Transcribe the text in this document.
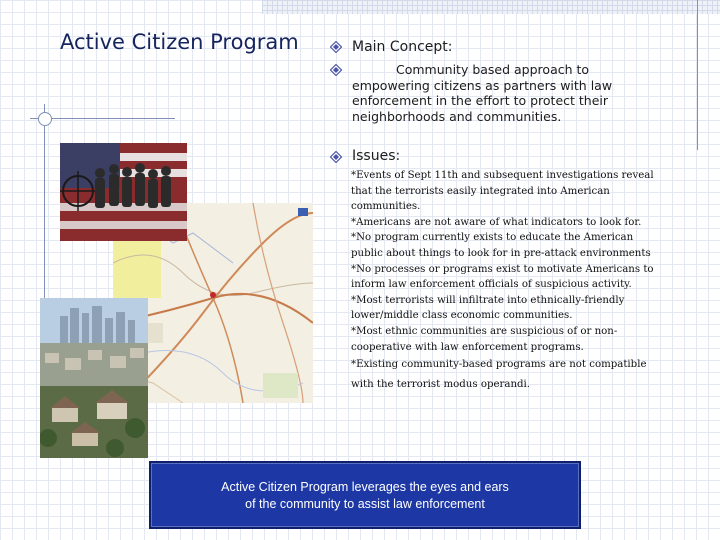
Active Citizen Program	Main Concept:
Community based approach to empowering citizens as partners with law enforcement in the effort to protect their neighborhoods and communities.
Issues:
*Events of Sept 11th and subsequent investigations reveal that the terrorists easily integrated into American communities.
*Americans are not aware of what indicators to look for.
*No program currently exists to educate the American public about things to look for in pre-attack environments
*No processes or programs exist to motivate Americans to inform law enforcement officials of suspicious activity.
*Most terrorists will infiltrate into ethnically-friendly lower/middle class economic communities.
*Most ethnic communities are suspicious of or non-cooperative with law enforcement programs.
*Existing community-based programs are not compatible with the terrorist modus operandi.
Active Citizen Program leverages the eyes and ears
of the community to assist law enforcement
